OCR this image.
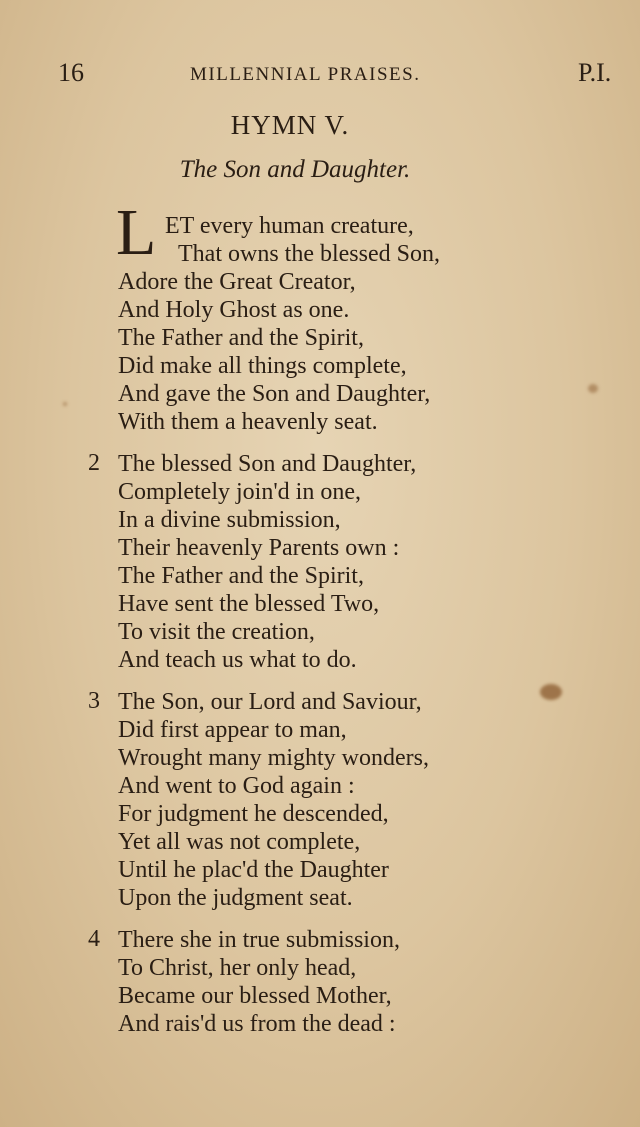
16	MILLENNIAL PRAISES.	P.I.
HYMN V.
The Son and Daughter.
L ET every human creature,
That owns the blessed Son,
Adore the Great Creator,
And Holy Ghost as one.
The Father and the Spirit,
Did make all things complete,
And gave the Son and Daughter,
With them a heavenly seat.
2 The blessed Son and Daughter,
Completely join'd in one,
In a divine submission,
Their heavenly Parents own :
The Father and the Spirit,
Have sent the blessed Two,
To visit the creation,
And teach us what to do.
3 The Son, our Lord and Saviour,
Did first appear to man,
Wrought many mighty wonders,
And went to God again :
For judgment he descended,
Yet all was not complete,
Until he plac'd the Daughter
Upon the judgment seat.
4 There she in true submission,
To Christ, her only head,
Became our blessed Mother,
And rais'd us from the dead :
